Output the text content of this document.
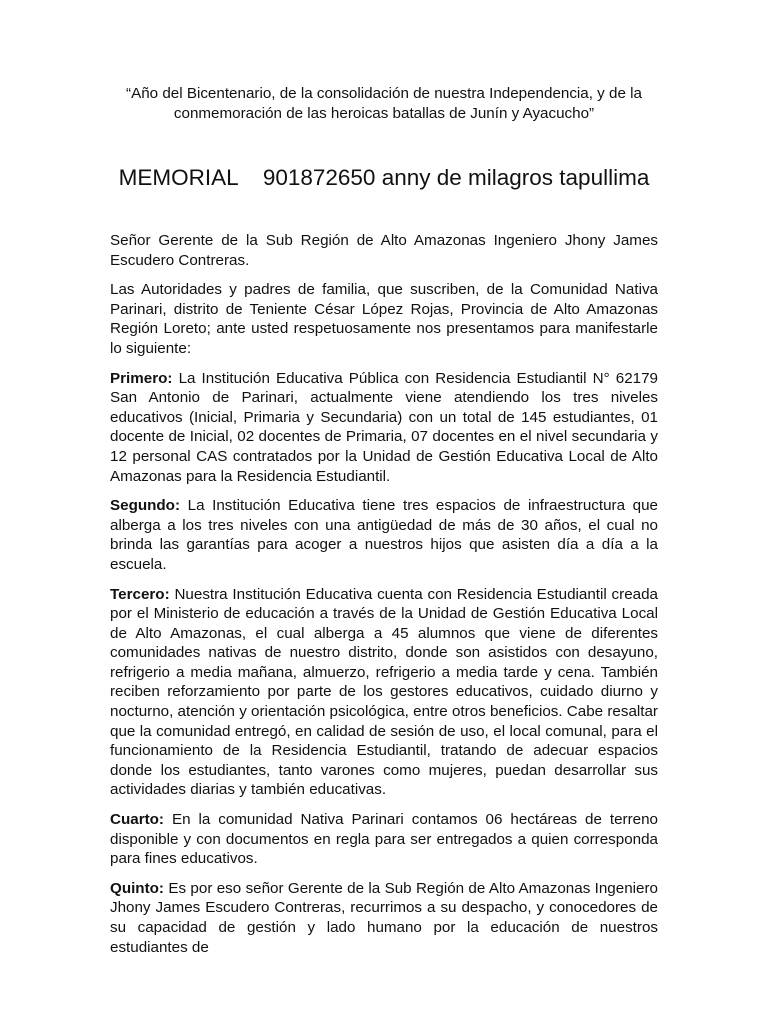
“Año del Bicentenario, de la consolidación de nuestra Independencia, y de la conmemoración de las heroicas batallas de Junín y Ayacucho”
MEMORIAL    901872650 anny de milagros tapullima

Señor Gerente de la Sub Región de Alto Amazonas Ingeniero Jhony James Escudero Contreras.

Las Autoridades y padres de familia, que suscriben, de la Comunidad Nativa Parinari, distrito de Teniente César López Rojas, Provincia de Alto Amazonas Región Loreto; ante usted respetuosamente nos presentamos para manifestarle lo siguiente:

Primero: La Institución Educativa Pública con Residencia Estudiantil N° 62179 San Antonio de Parinari, actualmente viene atendiendo los tres niveles educativos (Inicial, Primaria y Secundaria) con un total de 145 estudiantes, 01 docente de Inicial, 02 docentes de Primaria, 07 docentes en el nivel secundaria y 12 personal CAS contratados por la Unidad de Gestión Educativa Local de Alto Amazonas para la Residencia Estudiantil.

Segundo: La Institución Educativa tiene tres espacios de infraestructura que alberga a los tres niveles con una antigüedad de más de 30 años, el cual no brinda las garantías para acoger a nuestros hijos que asisten día a día a la escuela.

Tercero: Nuestra Institución Educativa cuenta con Residencia Estudiantil creada por el Ministerio de educación a través de la Unidad de Gestión Educativa Local de Alto Amazonas, el cual alberga a 45 alumnos que viene de diferentes comunidades nativas de nuestro distrito, donde son asistidos con desayuno, refrigerio a media mañana, almuerzo, refrigerio a media tarde y cena. También reciben reforzamiento por parte de los gestores educativos, cuidado diurno y nocturno, atención y orientación psicológica, entre otros beneficios. Cabe resaltar que la comunidad entregó, en calidad de sesión de uso, el local comunal, para el funcionamiento de la Residencia Estudiantil, tratando de adecuar espacios donde los estudiantes, tanto varones como mujeres, puedan desarrollar sus actividades diarias y también educativas.

Cuarto: En la comunidad Nativa Parinari contamos 06 hectáreas de terreno disponible y con documentos en regla para ser entregados a quien corresponda para fines educativos.

Quinto: Es por eso señor Gerente de la Sub Región de Alto Amazonas Ingeniero Jhony James Escudero Contreras, recurrimos a su despacho, y conocedores de su capacidad de gestión y lado humano por la educación de nuestros estudiantes de
